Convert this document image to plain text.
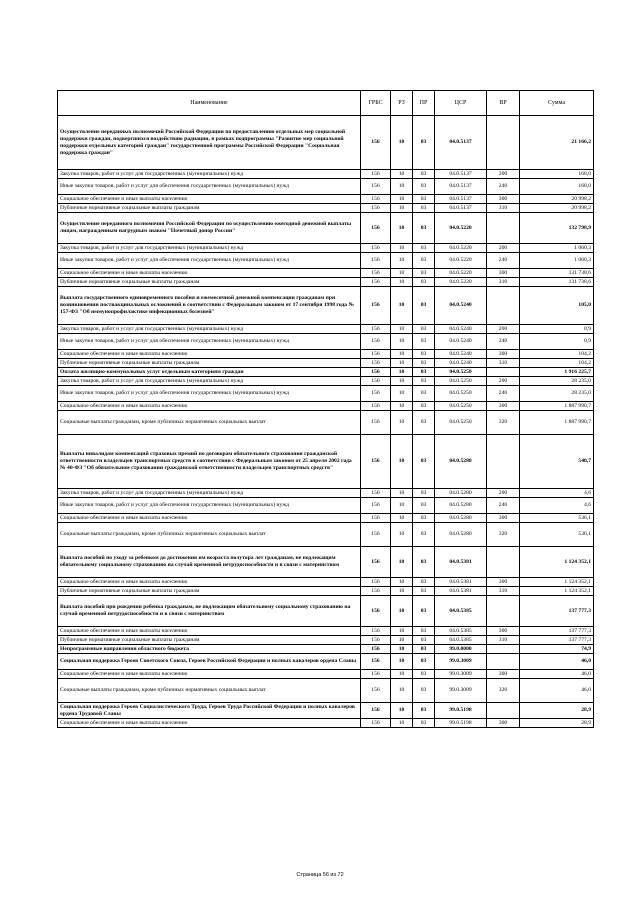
Наименование	ГРБС	РЗ	ПР	ЦСР	ВР	Сумма
Осуществление переданных полномочий Российской Федерации по предоставлению отдельных мер социальной поддержки граждан, подвергшихся воздействию радиации, в рамках подпрограммы "Развитие мер социальной поддержки отдельных категорий граждан" государственной программы Российской Федерации "Социальная поддержка граждан"	156	10	03	04.0.5137		21 166,2
Закупка товаров, работ и услуг для государственных (муниципальных) нужд	156	10	03	04.0.5137	200	168,0
Иные закупки товаров, работ и услуг для обеспечения государственных (муниципальных) нужд	156	10	03	04.0.5137	240	168,0
Социальное обеспечение и иные выплаты населению	156	10	03	04.0.5137	300	20 998,2
Публичные нормативные социальные выплаты гражданам	156	10	03	04.0.5137	310	20 998,2
Осуществление переданного полномочия Российской Федерации по осуществлению ежегодной денежной выплаты лицам, награжденным нагрудным знаком "Почетный донор России"	156	10	03	04.0.5220		132 798,9
Закупка товаров, работ и услуг для государственных (муниципальных) нужд	156	10	03	04.0.5220	200	1 060,3
Иные закупки товаров, работ и услуг для обеспечения государственных (муниципальных) нужд	156	10	03	04.0.5220	240	1 060,3
Социальное обеспечение и иные выплаты населению	156	10	03	04.0.5220	300	131 738,6
Публичные нормативные социальные выплаты гражданам	156	10	03	04.0.5220	310	131 738,6
Выплата государственного единовременного пособия и ежемесячной денежной компенсации гражданам при возникновении поствакцинальных осложнений в соответствии с Федеральным законом от 17 сентября 1998 года № 157-ФЗ "Об иммунопрофилактике инфекционных болезней"	156	10	03	04.0.5240		105,0
Закупка товаров, работ и услуг для государственных (муниципальных) нужд	156	10	03	04.0.5240	200	0,9
Иные закупки товаров, работ и услуг для обеспечения государственных (муниципальных) нужд	156	10	03	04.0.5240	240	0,9
Социальное обеспечение и иные выплаты населению	156	10	03	04.0.5240	300	104,2
Публичные нормативные социальные выплаты гражданам	156	10	03	04.0.5240	310	104,2
Оплата жилищно-коммунальных услуг отдельным категориям граждан	156	10	03	04.0.5250		1 916 225,7
Закупка товаров, работ и услуг для государственных (муниципальных) нужд	156	10	03	04.0.5250	200	28 235,0
Иные закупки товаров, работ и услуг для обеспечения государственных (муниципальных) нужд	156	10	03	04.0.5250	240	28 235,0
Социальное обеспечение и иные выплаты населению	156	10	03	04.0.5250	300	1 887 990,7
Социальные выплаты гражданам, кроме публичных нормативных социальных выплат	156	10	03	04.0.5250	320	1 887 990,7
Выплаты инвалидам компенсаций страховых премий по договорам обязательного страхования гражданской ответственности владельцев транспортных средств в соответствии с Федеральным законом от 25 апреля 2002 года № 40-ФЗ "Об обязательном страховании гражданской ответственности владельцев транспортных средств"	156	10	03	04.0.5280		540,7
Закупка товаров, работ и услуг для государственных (муниципальных) нужд	156	10	03	04.0.5280	200	4,6
Иные закупки товаров, работ и услуг для обеспечения государственных (муниципальных) нужд	156	10	03	04.0.5280	240	4,6
Социальное обеспечение и иные выплаты населению	156	10	03	04.0.5280	300	536,1
Социальные выплаты гражданам, кроме публичных нормативных социальных выплат	156	10	03	04.0.5280	320	536,1
Выплата пособий по уходу за ребенком до достижения им возраста полутора лет гражданам, не подлежащим обязательному социальному страхованию на случай временной нетрудоспособности и в связи с материнством	156	10	03	04.0.5381		1 124 352,1
Социальное обеспечение и иные выплаты населению	156	10	03	04.0.5381	300	1 124 352,1
Публичные нормативные социальные выплаты гражданам	156	10	03	04.0.5381	310	1 124 352,1
Выплата пособий при рождении ребенка гражданам, не подлежащим обязательному социальному страхованию на случай временной нетрудоспособности и в связи с материнством	156	10	03	04.0.5385		137 777,3
Социальное обеспечение и иные выплаты населению	156	10	03	04.0.5385	300	137 777,3
Публичные нормативные социальные выплаты гражданам	156	10	03	04.0.5385	310	137 777,3
Непрограммные направления областного бюджета	156	10	03	99.0.0000		74,9
Социальная поддержка Героев Советского Союза, Героев Российской Федерации и полных кавалеров ордена Славы	156	10	03	99.0.3009		46,0
Социальное обеспечение и иные выплаты населению	156	10	03	99.0.3009	300	46,0
Социальные выплаты гражданам, кроме публичных нормативных социальных выплат	156	10	03	99.0.3009	320	46,0
Социальная поддержка Героев Социалистического Труда, Героев Труда Российской Федерации и полных кавалеров ордена Трудовой Славы	156	10	03	99.0.5198		28,9
Социальное обеспечение и иные выплаты населению	156	10	03	99.0.5198	300	28,9
Страница 56 из 72
